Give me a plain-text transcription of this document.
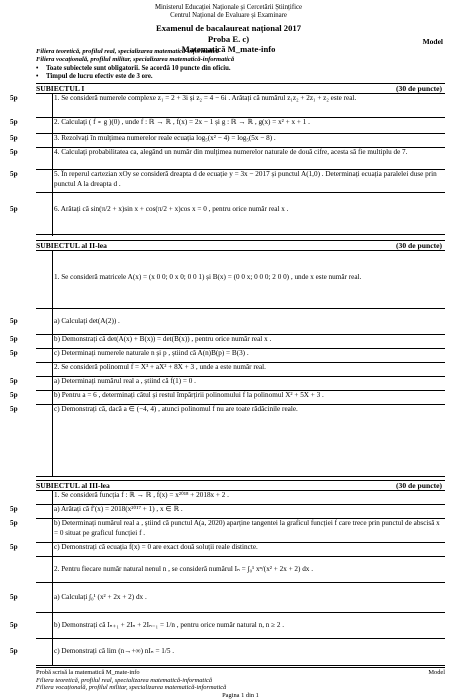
Ministerul Educației Naționale și Cercetării Științifice
Centrul Național de Evaluare și Examinare
Examenul de bacalaureat național 2017
Proba E. c)
Matematică M_mate-info
Model
Filiera teoretică, profilul real, specializarea matematică-informatică
Filiera vocațională, profilul militar, specializarea matematică-informatică
• Toate subiectele sunt obligatorii. Se acordă 10 puncte din oficiu.
• Timpul de lucru efectiv este de 3 ore.
SUBIECTUL I	(30 de puncte)
5p	1. Se consideră numerele complexe z₁ = 2 + 3i și z₂ = 4 − 6i . Arătați că numărul z₁z₂ + 2z₁ + z₂ este real.
5p	2. Calculați ( f ∘ g )(0) , unde f : ℝ → ℝ , f(x) = 2x − 1 și g : ℝ → ℝ , g(x) = x² + x + 1 .
5p	3. Rezolvați în mulțimea numerelor reale ecuația log₅(x² − 4) = log₅(5x − 8) .
5p	4. Calculați probabilitatea ca, alegând un număr din mulțimea numerelor naturale de două cifre, acesta să fie multiplu de 7.
5p	5. În reperul cartezian xOy se consideră dreapta d de ecuație y = 3x − 2017 și punctul A(1,0) . Determinați ecuația paralelei duse prin punctul A la dreapta d .
5p	6. Arătați că sin(π/2 + x)sin x + cos(π/2 + x)cos x = 0 , pentru orice număr real x .
SUBIECTUL al II-lea	(30 de puncte)
1. Se consideră matricele A(x) = (x 0 0; 0 x 0; 0 0 1) și B(x) = (0 0 x; 0 0 0; 2 0 0) , unde x este număr real.
5p	a) Calculați det(A(2)) .
5p	b) Demonstrați că det(A(x) + B(x)) = det(B(x)) , pentru orice număr real x .
5p	c) Determinați numerele naturale n și p , știind că A(n)B(p) = B(3) .
2. Se consideră polinomul f = X³ + aX² + 8X + 3 , unde a este număr real.
5p	a) Determinați numărul real a , știind că f(1) = 0 .
5p	b) Pentru a = 6 , determinați câtul și restul împărțirii polinomului f la polinomul X² + 5X + 3 .
5p	c) Demonstrați că, dacă a ∈ (−4, 4) , atunci polinomul f nu are toate rădăcinile reale.
SUBIECTUL al III-lea	(30 de puncte)
1. Se consideră funcția f : ℝ → ℝ , f(x) = x²⁰¹⁸ + 2018x + 2 .
5p	a) Arătați că f′(x) = 2018(x²⁰¹⁷ + 1) , x ∈ ℝ .
5p	b) Determinați numărul real a , știind că punctul A(a, 2020) aparține tangentei la graficul funcției f care trece prin punctul de abscisă x = 0 situat pe graficul funcției f .
5p	c) Demonstrați că ecuația f(x) = 0 are exact două soluții reale distincte.
2. Pentru fiecare număr natural nenul n , se consideră numărul Iₙ = ∫₀¹ xⁿ/(x² + 2x + 2) dx .
5p	a) Calculați ∫₀¹ (x² + 2x + 2) dx .
5p	b) Demonstrați că Iₙ₊₁ + 2Iₙ + 2Iₙ₋₁ = 1/n , pentru orice număr natural n, n ≥ 2 .
5p	c) Demonstrați că lim (n→+∞) nIₙ = 1/5 .
Probă scrisă la matematică M_mate-info	Model
Filiera teoretică, profilul real, specializarea matematică-informatică
Filiera vocațională, profilul militar, specializarea matematică-informatică
Pagina 1 din 1
